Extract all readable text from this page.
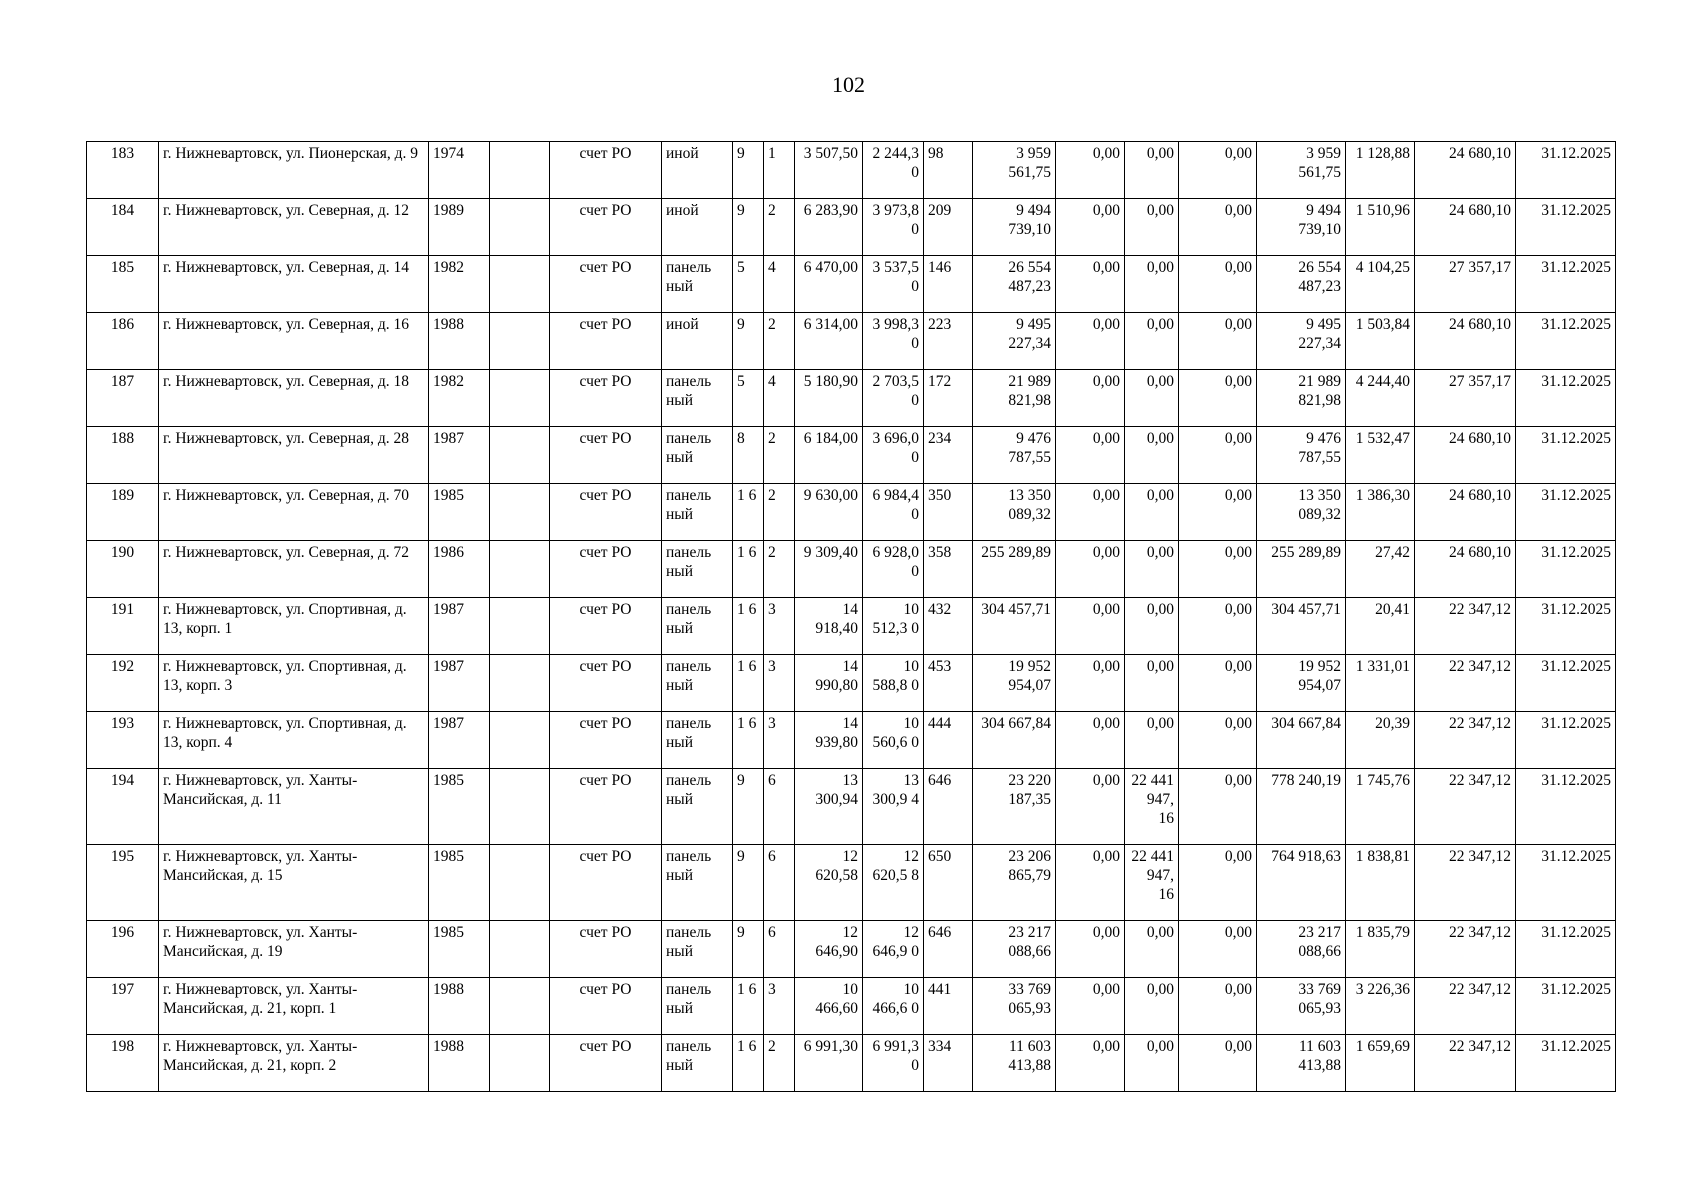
102
183	г. Нижневартовск, ул. Пионерская, д. 9	1974		счет РО	иной	9	1	3 507,50	2 244,3 0	98	3 959 561,75	0,00	0,00	0,00	3 959 561,75	1 128,88	24 680,10	31.12.2025
184	г. Нижневартовск, ул. Северная, д. 12	1989		счет РО	иной	9	2	6 283,90	3 973,8 0	209	9 494 739,10	0,00	0,00	0,00	9 494 739,10	1 510,96	24 680,10	31.12.2025
185	г. Нижневартовск, ул. Северная, д. 14	1982		счет РО	панель ный	5	4	6 470,00	3 537,5 0	146	26 554 487,23	0,00	0,00	0,00	26 554 487,23	4 104,25	27 357,17	31.12.2025
186	г. Нижневартовск, ул. Северная, д. 16	1988		счет РО	иной	9	2	6 314,00	3 998,3 0	223	9 495 227,34	0,00	0,00	0,00	9 495 227,34	1 503,84	24 680,10	31.12.2025
187	г. Нижневартовск, ул. Северная, д. 18	1982		счет РО	панель ный	5	4	5 180,90	2 703,5 0	172	21 989 821,98	0,00	0,00	0,00	21 989 821,98	4 244,40	27 357,17	31.12.2025
188	г. Нижневартовск, ул. Северная, д. 28	1987		счет РО	панель ный	8	2	6 184,00	3 696,0 0	234	9 476 787,55	0,00	0,00	0,00	9 476 787,55	1 532,47	24 680,10	31.12.2025
189	г. Нижневартовск, ул. Северная, д. 70	1985		счет РО	панель ный	1 6	2	9 630,00	6 984,4 0	350	13 350 089,32	0,00	0,00	0,00	13 350 089,32	1 386,30	24 680,10	31.12.2025
190	г. Нижневартовск, ул. Северная, д. 72	1986		счет РО	панель ный	1 6	2	9 309,40	6 928,0 0	358	255 289,89	0,00	0,00	0,00	255 289,89	27,42	24 680,10	31.12.2025
191	г. Нижневартовск, ул. Спортивная, д. 13, корп. 1	1987		счет РО	панель ный	1 6	3	14 918,40	10 512,3 0	432	304 457,71	0,00	0,00	0,00	304 457,71	20,41	22 347,12	31.12.2025
192	г. Нижневартовск, ул. Спортивная, д. 13, корп. 3	1987		счет РО	панель ный	1 6	3	14 990,80	10 588,8 0	453	19 952 954,07	0,00	0,00	0,00	19 952 954,07	1 331,01	22 347,12	31.12.2025
193	г. Нижневартовск, ул. Спортивная, д. 13, корп. 4	1987		счет РО	панель ный	1 6	3	14 939,80	10 560,6 0	444	304 667,84	0,00	0,00	0,00	304 667,84	20,39	22 347,12	31.12.2025
194	г. Нижневартовск, ул. Ханты-Мансийская, д. 11	1985		счет РО	панель ный	9	6	13 300,94	13 300,9 4	646	23 220 187,35	0,00	22 441 947, 16	0,00	778 240,19	1 745,76	22 347,12	31.12.2025
195	г. Нижневартовск, ул. Ханты-Мансийская, д. 15	1985		счет РО	панель ный	9	6	12 620,58	12 620,5 8	650	23 206 865,79	0,00	22 441 947, 16	0,00	764 918,63	1 838,81	22 347,12	31.12.2025
196	г. Нижневартовск, ул. Ханты-Мансийская, д. 19	1985		счет РО	панель ный	9	6	12 646,90	12 646,9 0	646	23 217 088,66	0,00	0,00	0,00	23 217 088,66	1 835,79	22 347,12	31.12.2025
197	г. Нижневартовск, ул. Ханты-Мансийская, д. 21, корп. 1	1988		счет РО	панель ный	1 6	3	10 466,60	10 466,6 0	441	33 769 065,93	0,00	0,00	0,00	33 769 065,93	3 226,36	22 347,12	31.12.2025
198	г. Нижневартовск, ул. Ханты-Мансийская, д. 21, корп. 2	1988		счет РО	панель ный	1 6	2	6 991,30	6 991,3 0	334	11 603 413,88	0,00	0,00	0,00	11 603 413,88	1 659,69	22 347,12	31.12.2025
